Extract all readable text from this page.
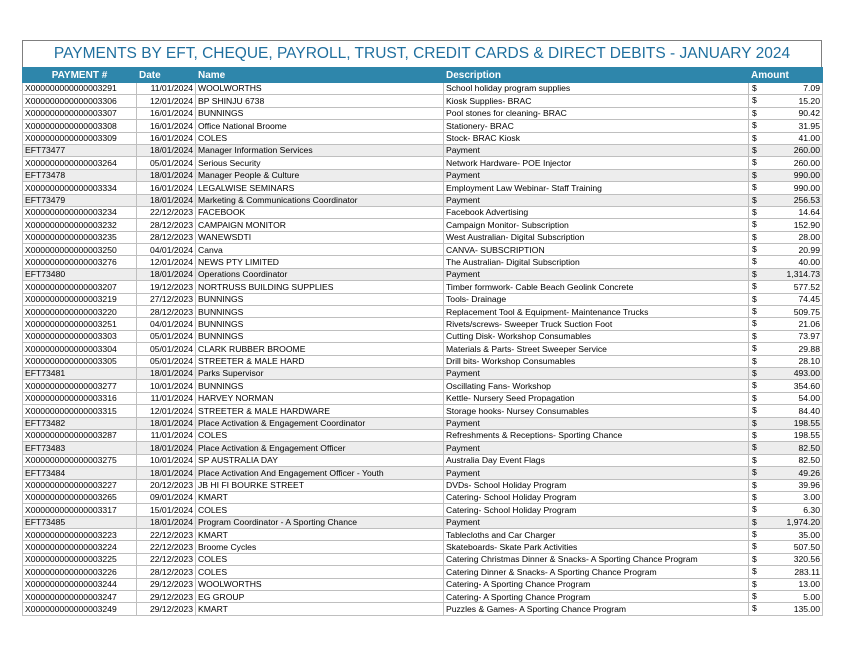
PAYMENTS BY EFT, CHEQUE, PAYROLL, TRUST, CREDIT CARDS & DIRECT DEBITS - JANUARY 2024
PAYMENT #	Date	Name	Description	Amount
X000000000000003291	11/01/2024	WOOLWORTHS	School holiday program supplies	$ 7.09

X000000000000003306	12/01/2024	BP SHINJU 6738	Kiosk Supplies- BRAC	$ 15.20

X000000000000003307	16/01/2024	BUNNINGS	Pool stones for cleaning- BRAC	$ 90.42

X000000000000003308	16/01/2024	Office National Broome	Stationery- BRAC	$ 31.95

X000000000000003309	16/01/2024	COLES	Stock- BRAC Kiosk	$ 41.00

EFT73477	18/01/2024	Manager Information Services	Payment	$ 260.00

X000000000000003264	05/01/2024	Serious Security	Network Hardware- POE Injector	$ 260.00

EFT73478	18/01/2024	Manager People & Culture	Payment	$ 990.00

X000000000000003334	16/01/2024	LEGALWISE SEMINARS	Employment Law Webinar- Staff Training	$ 990.00

EFT73479	18/01/2024	Marketing & Communications Coordinator	Payment	$ 256.53

X000000000000003234	22/12/2023	FACEBOOK	Facebook Advertising	$ 14.64

X000000000000003232	28/12/2023	CAMPAIGN MONITOR	Campaign Monitor- Subscription	$ 152.90

X000000000000003235	28/12/2023	WANEWSDTI	West Australian- Digital Subscription	$ 28.00

X000000000000003250	04/01/2024	Canva	CANVA- SUBSCRIPTION	$ 20.99

X000000000000003276	12/01/2024	NEWS PTY LIMITED	The Australian- Digital Subscription	$ 40.00

EFT73480	18/01/2024	Operations Coordinator	Payment	$ 1,314.73

X000000000000003207	19/12/2023	NORTRUSS BUILDING SUPPLIES	Timber formwork- Cable Beach Geolink Concrete	$ 577.52

X000000000000003219	27/12/2023	BUNNINGS	Tools- Drainage	$ 74.45

X000000000000003220	28/12/2023	BUNNINGS	Replacement Tool & Equipment- Maintenance Trucks	$ 509.75

X000000000000003251	04/01/2024	BUNNINGS	Rivets/screws- Sweeper Truck Suction Foot	$ 21.06

X000000000000003303	05/01/2024	BUNNINGS	Cutting Disk- Workshop Consumables	$ 73.97

X000000000000003304	05/01/2024	CLARK RUBBER BROOME	Materials & Parts- Street Sweeper Service	$ 29.88

X000000000000003305	05/01/2024	STREETER & MALE HARD	Drill bits- Workshop Consumables	$ 28.10

EFT73481	18/01/2024	Parks Supervisor	Payment	$ 493.00

X000000000000003277	10/01/2024	BUNNINGS	Oscillating Fans- Workshop	$ 354.60

X000000000000003316	11/01/2024	HARVEY NORMAN	Kettle- Nursery Seed Propagation	$ 54.00

X000000000000003315	12/01/2024	STREETER & MALE HARDWARE	Storage hooks- Nursey Consumables	$ 84.40

EFT73482	18/01/2024	Place Activation & Engagement Coordinator	Payment	$ 198.55

X000000000000003287	11/01/2024	COLES	Refreshments & Receptions- Sporting Chance	$ 198.55

EFT73483	18/01/2024	Place Activation & Engagement Officer	Payment	$ 82.50

X000000000000003275	10/01/2024	SP AUSTRALIA DAY	Australia Day Event Flags	$ 82.50

EFT73484	18/01/2024	Place Activation And Engagement Officer - Youth	Payment	$ 49.26

X000000000000003227	20/12/2023	JB HI FI BOURKE STREET	DVDs- School Holiday Program	$ 39.96

X000000000000003265	09/01/2024	KMART	Catering- School Holiday Program	$ 3.00

X000000000000003317	15/01/2024	COLES	Catering- School Holiday Program	$ 6.30

EFT73485	18/01/2024	Program Coordinator - A Sporting Chance	Payment	$ 1,974.20

X000000000000003223	22/12/2023	KMART	Tablecloths and Car Charger	$ 35.00

X000000000000003224	22/12/2023	Broome Cycles	Skateboards- Skate Park Activities	$ 507.50

X000000000000003225	22/12/2023	COLES	Catering Christmas Dinner & Snacks- A Sporting Chance Program	$ 320.56

X000000000000003226	28/12/2023	COLES	Catering Dinner & Snacks- A Sporting Chance Program	$ 283.11

X000000000000003244	29/12/2023	WOOLWORTHS	Catering- A Sporting Chance Program	$ 13.00

X000000000000003247	29/12/2023	EG GROUP	Catering- A Sporting Chance Program	$ 5.00

X000000000000003249	29/12/2023	KMART	Puzzles & Games- A Sporting Chance Program	$ 135.00
